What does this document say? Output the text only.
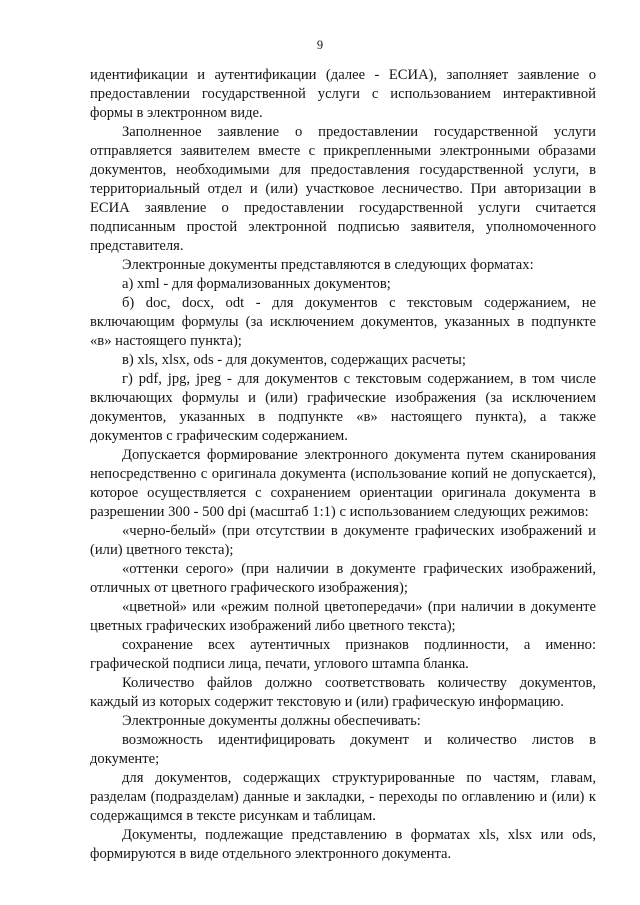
9

идентификации и аутентификации (далее - ЕСИА), заполняет заявление о предоставлении государственной услуги с использованием интерактивной формы в электронном виде.

Заполненное заявление о предоставлении государственной услуги отправляется заявителем вместе с прикрепленными электронными образами документов, необходимыми для предоставления государственной услуги, в территориальный отдел и (или) участковое лесничество. При авторизации в ЕСИА заявление о предоставлении государственной услуги считается подписанным простой электронной подписью заявителя, уполномоченного представителя.

Электронные документы представляются в следующих форматах:

а) xml - для формализованных документов;

б) doc, docx, odt - для документов с текстовым содержанием, не включающим формулы (за исключением документов, указанных в подпункте «в» настоящего пункта);

в) xls, xlsx, ods - для документов, содержащих расчеты;

г) pdf, jpg, jpeg - для документов с текстовым содержанием, в том числе включающих формулы и (или) графические изображения (за исключением документов, указанных в подпункте «в» настоящего пункта), а также документов с графическим содержанием.

Допускается формирование электронного документа путем сканирования непосредственно с оригинала документа (использование копий не допускается), которое осуществляется с сохранением ориентации оригинала документа в разрешении 300 - 500 dpi (масштаб 1:1) с использованием следующих режимов:

«черно-белый» (при отсутствии в документе графических изображений и (или) цветного текста);

«оттенки серого» (при наличии в документе графических изображений, отличных от цветного графического изображения);

«цветной» или «режим полной цветопередачи» (при наличии в документе цветных графических изображений либо цветного текста);

сохранение всех аутентичных признаков подлинности, а именно: графической подписи лица, печати, углового штампа бланка.

Количество файлов должно соответствовать количеству документов, каждый из которых содержит текстовую и (или) графическую информацию.

Электронные документы должны обеспечивать:

возможность идентифицировать документ и количество листов в документе;

для документов, содержащих структурированные по частям, главам, разделам (подразделам) данные и закладки, - переходы по оглавлению и (или) к содержащимся в тексте рисункам и таблицам.

Документы, подлежащие представлению в форматах xls, xlsx или ods, формируются в виде отдельного электронного документа.
